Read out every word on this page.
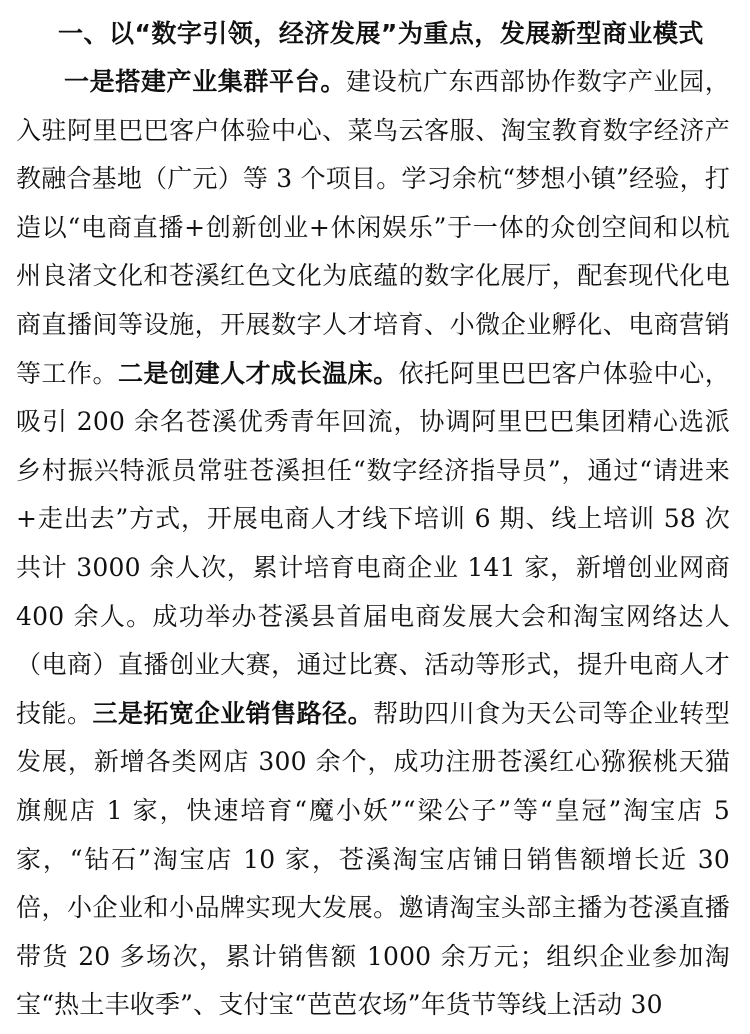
一、以“数字引领，经济发展”为重点，发展新型商业模式

一是搭建产业集群平台。建设杭广东西部协作数字产业园，入驻阿里巴巴客户体验中心、菜鸟云客服、淘宝教育数字经济产教融合基地（广元）等 3 个项目。学习余杭“梦想小镇”经验，打造以“电商直播+创新创业+休闲娱乐”于一体的众创空间和以杭州良渚文化和苍溪红色文化为底蕴的数字化展厅，配套现代化电商直播间等设施，开展数字人才培育、小微企业孵化、电商营销等工作。二是创建人才成长温床。依托阿里巴巴客户体验中心，吸引 200 余名苍溪优秀青年回流，协调阿里巴巴集团精心选派乡村振兴特派员常驻苍溪担任“数字经济指导员”，通过“请进来+走出去”方式，开展电商人才线下培训 6 期、线上培训 58 次共计 3000 余人次，累计培育电商企业 141 家，新增创业网商 400 余人。成功举办苍溪县首届电商发展大会和淘宝网络达人（电商）直播创业大赛，通过比赛、活动等形式，提升电商人才技能。三是拓宽企业销售路径。帮助四川食为天公司等企业转型发展，新增各类网店 300 余个，成功注册苍溪红心猕猴桃天猫旗舰店 1 家，快速培育“魔小妖”“梁公子”等“皇冠”淘宝店 5 家，“钻石”淘宝店 10 家，苍溪淘宝店铺日销售额增长近 30 倍，小企业和小品牌实现大发展。邀请淘宝头部主播为苍溪直播带货 20 多场次，累计销售额 1000 余万元；组织企业参加淘宝“热土丰收季”、支付宝“芭芭农场”年货节等线上活动 30
